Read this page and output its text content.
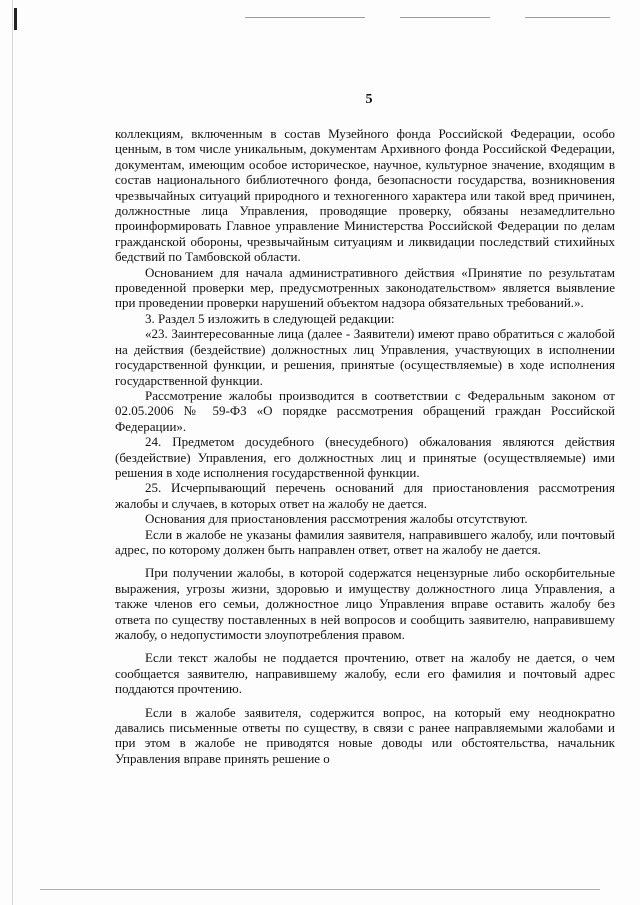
5

коллекциям, включенным в состав Музейного фонда Российской Федерации, особо ценным, в том числе уникальным, документам Архивного фонда Российской Федерации, документам, имеющим особое историческое, научное, культурное значение, входящим в состав национального библиотечного фонда, безопасности государства, возникновения чрезвычайных ситуаций природного и техногенного характера или такой вред причинен, должностные лица Управления, проводящие проверку, обязаны незамедлительно проинформировать Главное управление Министерства Российской Федерации по делам гражданской обороны, чрезвычайным ситуациям и ликвидации последствий стихийных бедствий по Тамбовской области.

Основанием для начала административного действия «Принятие по результатам проведенной проверки мер, предусмотренных законодательством» является выявление при проведении проверки нарушений объектом надзора обязательных требований.».

3. Раздел 5 изложить в следующей редакции:

«23. Заинтересованные лица (далее - Заявители) имеют право обратиться с жалобой на действия (бездействие) должностных лиц Управления, участвующих в исполнении государственной функции, и решения, принятые (осуществляемые) в ходе исполнения государственной функции.

Рассмотрение жалобы производится в соответствии с Федеральным законом от 02.05.2006 № 59-ФЗ «О порядке рассмотрения обращений граждан Российской Федерации».

24. Предметом досудебного (внесудебного) обжалования являются действия (бездействие) Управления, его должностных лиц и принятые (осуществляемые) ими решения в ходе исполнения государственной функции.

25. Исчерпывающий перечень оснований для приостановления рассмотрения жалобы и случаев, в которых ответ на жалобу не дается.

Основания для приостановления рассмотрения жалобы отсутствуют.

Если в жалобе не указаны фамилия заявителя, направившего жалобу, или почтовый адрес, по которому должен быть направлен ответ, ответ на жалобу не дается.

При получении жалобы, в которой содержатся нецензурные либо оскорбительные выражения, угрозы жизни, здоровью и имуществу должностного лица Управления, а также членов его семьи, должностное лицо Управления вправе оставить жалобу без ответа по существу поставленных в ней вопросов и сообщить заявителю, направившему жалобу, о недопустимости злоупотребления правом.

Если текст жалобы не поддается прочтению, ответ на жалобу не дается, о чем сообщается заявителю, направившему жалобу, если его фамилия и почтовый адрес поддаются прочтению.

Если в жалобе заявителя, содержится вопрос, на который ему неоднократно давались письменные ответы по существу, в связи с ранее направляемыми жалобами и при этом в жалобе не приводятся новые доводы или обстоятельства, начальник Управления вправе принять решение о
